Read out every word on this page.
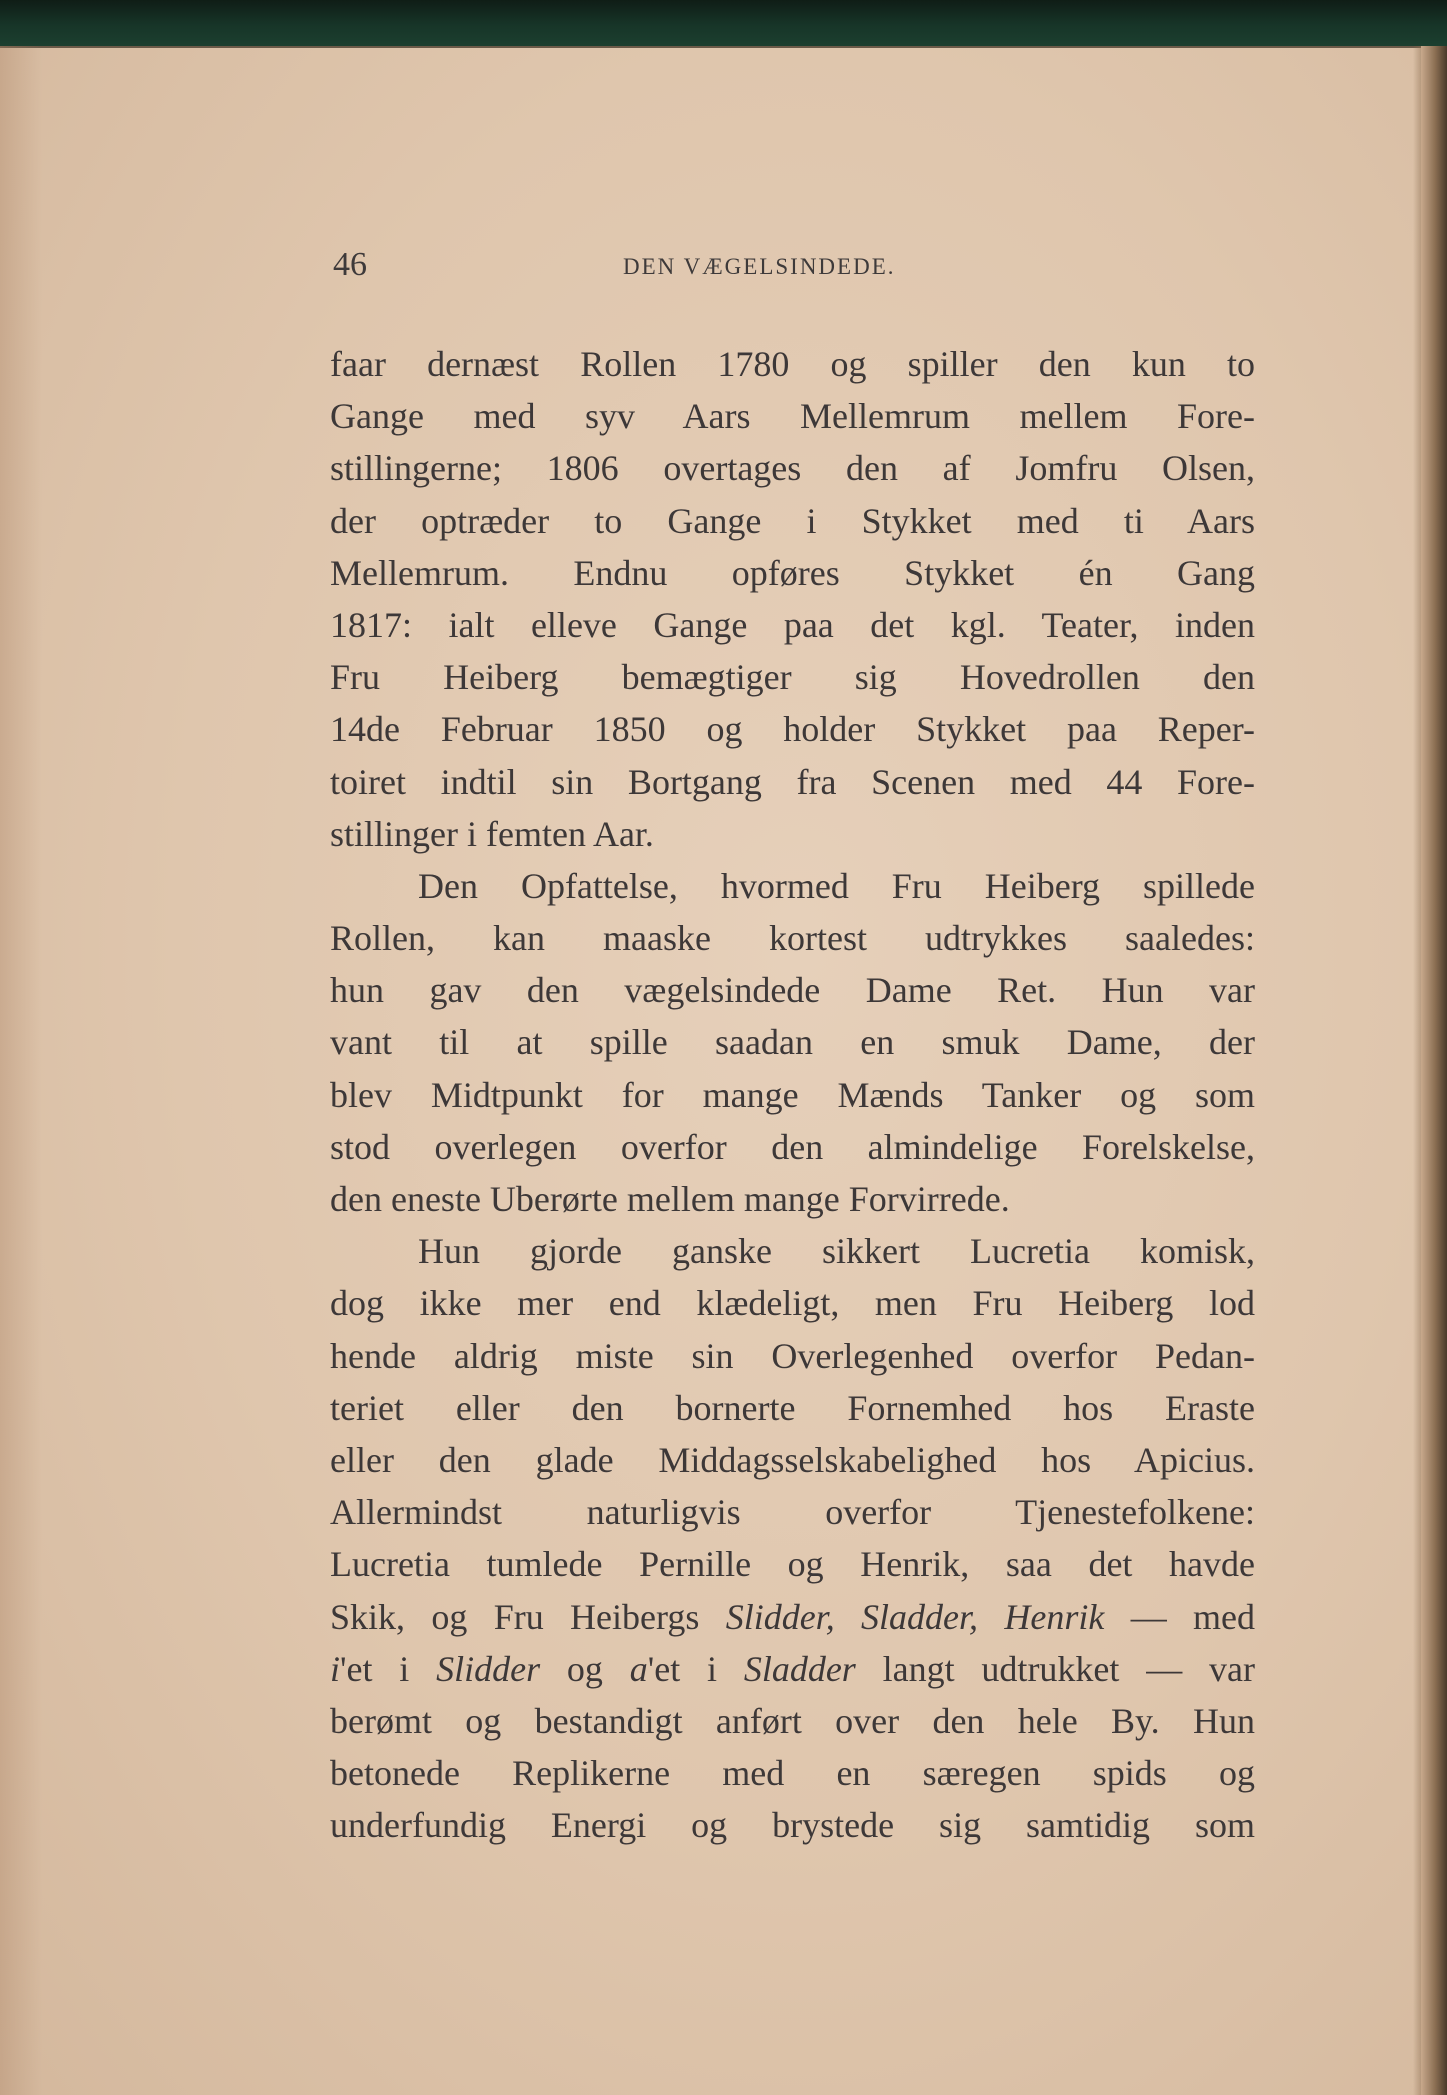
46	DEN VÆGELSINDEDE.
faar dernæst Rollen 1780 og spiller den kun to
Gange med syv Aars Mellemrum mellem Fore-
stillingerne; 1806 overtages den af Jomfru Olsen,
der optræder to Gange i Stykket med ti Aars
Mellemrum. Endnu opføres Stykket én Gang
1817: ialt elleve Gange paa det kgl. Teater, inden
Fru Heiberg bemægtiger sig Hovedrollen den
14de Februar 1850 og holder Stykket paa Reper-
toiret indtil sin Bortgang fra Scenen med 44 Fore-
stillinger i femten Aar.
Den Opfattelse, hvormed Fru Heiberg spillede
Rollen, kan maaske kortest udtrykkes saaledes:
hun gav den vægelsindede Dame Ret. Hun var
vant til at spille saadan en smuk Dame, der
blev Midtpunkt for mange Mænds Tanker og som
stod overlegen overfor den almindelige Forelskelse,
den eneste Uberørte mellem mange Forvirrede.
Hun gjorde ganske sikkert Lucretia komisk,
dog ikke mer end klædeligt, men Fru Heiberg lod
hende aldrig miste sin Overlegenhed overfor Pedan-
teriet eller den bornerte Fornemhed hos Eraste
eller den glade Middagsselskabelighed hos Apicius.
Allermindst naturligvis overfor Tjenestefolkene:
Lucretia tumlede Pernille og Henrik, saa det havde
Skik, og Fru Heibergs Slidder, Sladder, Henrik — med
i'et i Slidder og a'et i Sladder langt udtrukket — var
berømt og bestandigt anført over den hele By. Hun
betonede Replikerne med en særegen spids og
underfundig Energi og brystede sig samtidig som
